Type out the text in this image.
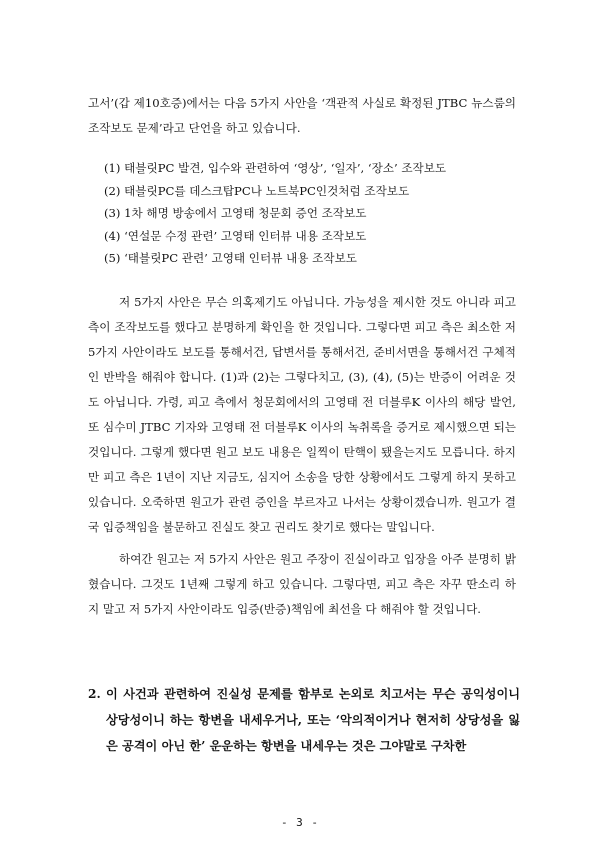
고서’(갑 제10호증)에서는 다음 5가지 사안을 ‘객관적 사실로 확정된 JTBC 뉴스룸의 조작보도 문제’라고 단언을 하고 있습니다.

(1) 태블릿PC 발견, 입수와 관련하여 ‘영상’, ‘일자’, ‘장소’ 조작보도
(2) 태블릿PC를 데스크탑PC나 노트북PC인것처럼 조작보도
(3) 1차 해명 방송에서 고영태 청문회 증언 조작보도
(4) ‘연설문 수정 관련’ 고영태 인터뷰 내용 조작보도
(5) ‘태블릿PC 관련’ 고영태 인터뷰 내용 조작보도

저 5가지 사안은 무슨 의혹제기도 아닙니다. 가능성을 제시한 것도 아니라 피고 측이 조작보도를 했다고 분명하게 확인을 한 것입니다. 그렇다면 피고 측은 최소한 저 5가지 사안이라도 보도를 통해서건, 답변서를 통해서건, 준비서면을 통해서건 구체적인 반박을 해줘야 합니다. (1)과 (2)는 그렇다치고, (3), (4), (5)는 반증이 어려운 것도 아닙니다. 가령, 피고 측에서 청문회에서의 고영태 전 더블루K 이사의 해당 발언, 또 심수미 JTBC 기자와 고영태 전 더블루K 이사의 녹취록을 증거로 제시했으면 되는 것입니다. 그렇게 했다면 원고 보도 내용은 일찍이 탄핵이 됐을는지도 모릅니다. 하지만 피고 측은 1년이 지난 지금도, 심지어 소송을 당한 상황에서도 그렇게 하지 못하고 있습니다. 오죽하면 원고가 관련 증인을 부르자고 나서는 상황이겠습니까. 원고가 결국 입증책임을 불문하고 진실도 찾고 권리도 찾기로 했다는 말입니다.

하여간 원고는 저 5가지 사안은 원고 주장이 진실이라고 입장을 아주 분명히 밝혔습니다. 그것도 1년째 그렇게 하고 있습니다. 그렇다면, 피고 측은 자꾸 딴소리 하지 말고 저 5가지 사안이라도 입증(반증)책임에 최선을 다 해줘야 할 것입니다.

2. 이 사건과 관련하여 진실성 문제를 함부로 논외로 치고서는 무슨 공익성이니 상당성이니 하는 항변을 내세우거나, 또는 ‘악의적이거나 현저히 상당성을 잃은 공격이 아닌 한’ 운운하는 항변을 내세우는 것은 그야말로 구차한
- 3 -
